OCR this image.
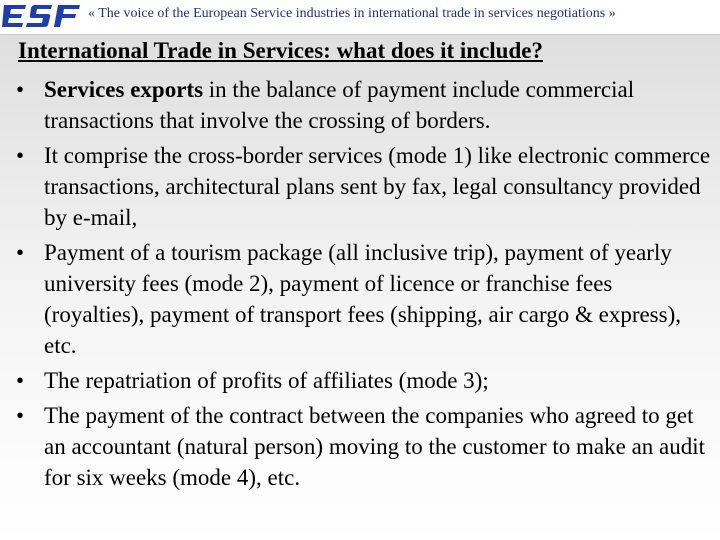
« The voice of the European Service industries in international trade in services negotiations »
International Trade in Services: what does it include?
• Services exports in the balance of payment include commercial transactions that involve the crossing of borders.
• It comprise the cross-border services (mode 1) like electronic commerce transactions, architectural plans sent by fax, legal consultancy provided by e-mail,
• Payment of a tourism package (all inclusive trip), payment of yearly university fees (mode 2), payment of licence or franchise fees (royalties), payment of transport fees (shipping, air cargo & express), etc.
• The repatriation of profits of affiliates (mode 3);
• The payment of the contract between the companies who agreed to get an accountant (natural person) moving to the customer to make an audit for six weeks (mode 4), etc.
